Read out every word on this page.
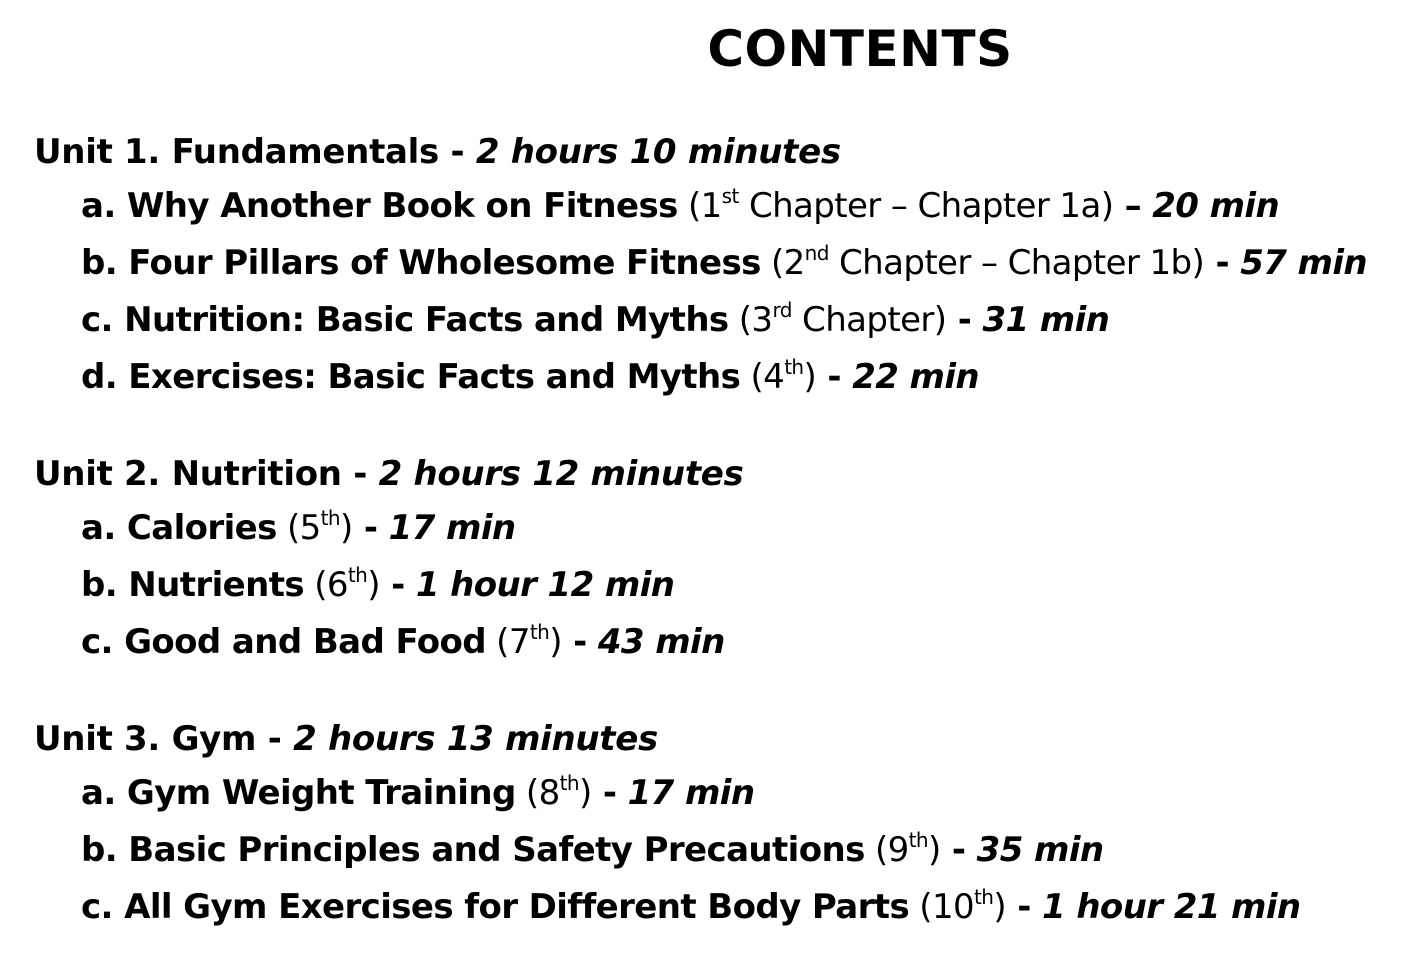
CONTENTS
Unit 1. Fundamentals - 2 hours 10 minutes
a. Why Another Book on Fitness (1st Chapter – Chapter 1a) – 20 min
b. Four Pillars of Wholesome Fitness (2nd Chapter – Chapter 1b) - 57 min
c. Nutrition: Basic Facts and Myths (3rd Chapter) - 31 min
d. Exercises: Basic Facts and Myths (4th) - 22 min
Unit 2. Nutrition - 2 hours 12 minutes
a. Calories (5th) - 17 min
b. Nutrients (6th) - 1 hour 12 min
c. Good and Bad Food (7th) - 43 min
Unit 3. Gym - 2 hours 13 minutes
a. Gym Weight Training (8th) - 17 min
b. Basic Principles and Safety Precautions (9th) - 35 min
c. All Gym Exercises for Different Body Parts (10th) - 1 hour 21 min
